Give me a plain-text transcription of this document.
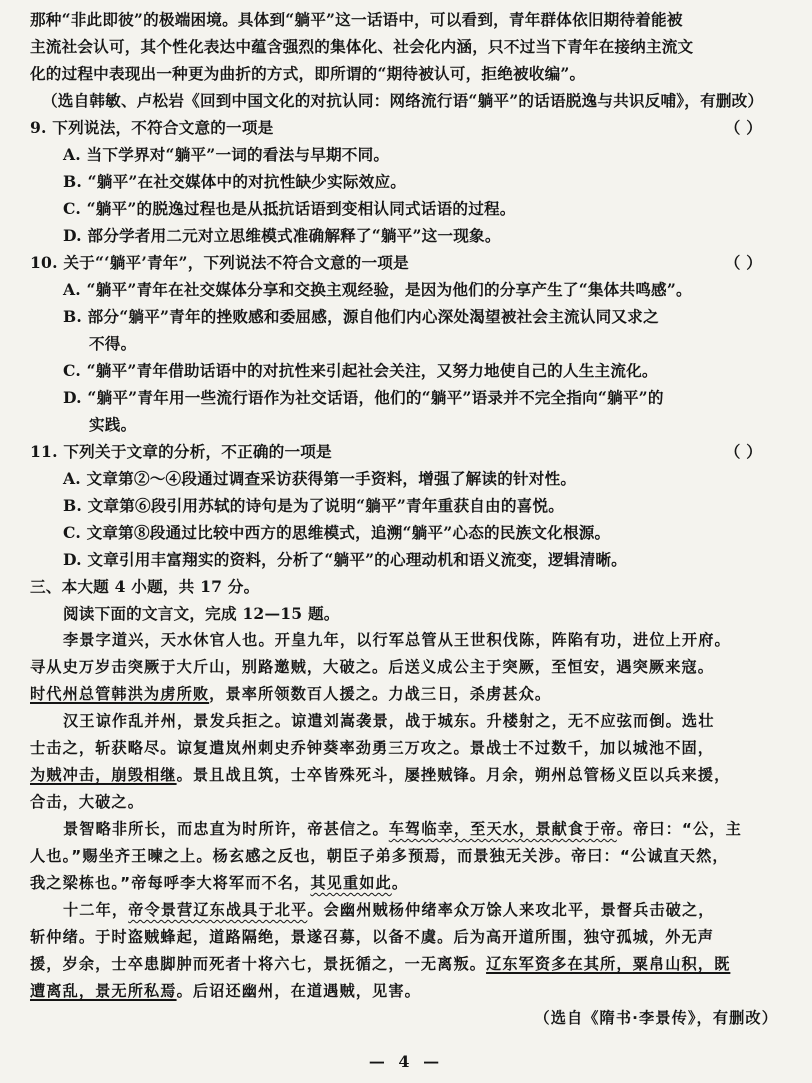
那种“非此即彼”的极端困境。具体到“躺平”这一话语中，可以看到，青年群体依旧期待着能被
主流社会认可，其个性化表达中蕴含强烈的集体化、社会化内涵，只不过当下青年在接纳主流文
化的过程中表现出一种更为曲折的方式，即所谓的“期待被认可，拒绝被收编”。
（选自韩敏、卢松岩《回到中国文化的对抗认同：网络流行语“躺平”的话语脱逸与共识反哺》，有删改）
9. 下列说法，不符合文意的一项是	（ ）
A. 当下学界对“躺平”一词的看法与早期不同。
B. “躺平”在社交媒体中的对抗性缺少实际效应。
C. “躺平”的脱逸过程也是从抵抗话语到变相认同式话语的过程。
D. 部分学者用二元对立思维模式准确解释了“躺平”这一现象。
10. 关于“‘躺平’青年”，下列说法不符合文意的一项是	（ ）
A. “躺平”青年在社交媒体分享和交换主观经验，是因为他们的分享产生了“集体共鸣感”。
B. 部分“躺平”青年的挫败感和委屈感，源自他们内心深处渴望被社会主流认同又求之
不得。
C. “躺平”青年借助话语中的对抗性来引起社会关注，又努力地使自己的人生主流化。
D. “躺平”青年用一些流行语作为社交话语，他们的“躺平”语录并不完全指向“躺平”的
实践。
11. 下列关于文章的分析，不正确的一项是	（ ）
A. 文章第②～④段通过调查采访获得第一手资料，增强了解读的针对性。
B. 文章第⑥段引用苏轼的诗句是为了说明“躺平”青年重获自由的喜悦。
C. 文章第⑧段通过比较中西方的思维模式，追溯“躺平”心态的民族文化根源。
D. 文章引用丰富翔实的资料，分析了“躺平”的心理动机和语义流变，逻辑清晰。
三、本大题 4 小题，共 17 分。
阅读下面的文言文，完成 12—15 题。
李景字道兴，天水休官人也。开皇九年，以行军总管从王世积伐陈，阵陷有功，进位上开府。
寻从史万岁击突厥于大斤山，别路邀贼，大破之。后送义成公主于突厥，至恒安，遇突厥来寇。
时代州总管韩洪为虏所败，景率所领数百人援之。力战三日，杀虏甚众。
汉王谅作乱并州，景发兵拒之。谅遣刘嵩袭景，战于城东。升楼射之，无不应弦而倒。选壮
士击之，斩获略尽。谅复遣岚州刺史乔钟葵率劲勇三万攻之。景战士不过数千，加以城池不固，
为贼冲击，崩毁相继。景且战且筑，士卒皆殊死斗，屡挫贼锋。月余，朔州总管杨义臣以兵来援，
合击，大破之。
景智略非所长，而忠直为时所许，帝甚信之。车驾临幸，至天水，景献食于帝。帝曰：“公，主
人也。”赐坐齐王暕之上。杨玄感之反也，朝臣子弟多预焉，而景独无关涉。帝曰：“公诚直天然，
我之梁栋也。”帝每呼李大将军而不名，其见重如此。
十二年，帝令景营辽东战具于北平。会幽州贼杨仲绪率众万馀人来攻北平，景督兵击破之，
斩仲绪。于时盗贼蜂起，道路隔绝，景遂召募，以备不虞。后为高开道所围，独守孤城，外无声
援，岁余，士卒患脚肿而死者十将六七，景抚循之，一无离叛。辽东军资多在其所，粟帛山积，既
遭离乱，景无所私焉。后诏还幽州，在道遇贼，见害。
（选自《隋书·李景传》，有删改）
— 4 —
